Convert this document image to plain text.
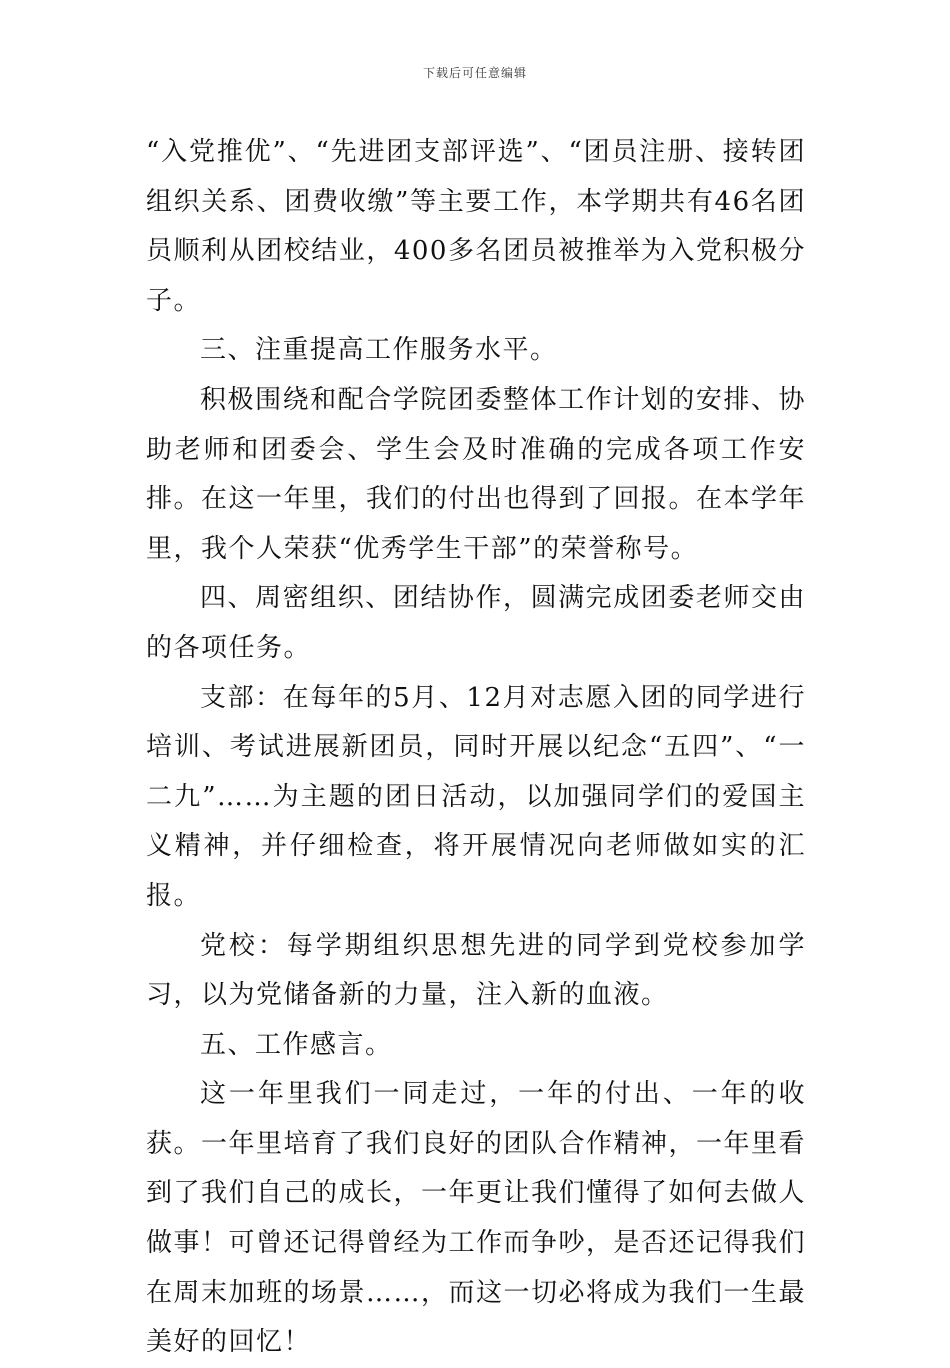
下载后可任意编辑

“入党推优”、“先进团支部评选”、“团员注册、接转团组织关系、团费收缴”等主要工作，本学期共有46名团员顺利从团校结业，400多名团员被推举为入党积极分子。

三、注重提高工作服务水平。

积极围绕和配合学院团委整体工作计划的安排、协助老师和团委会、学生会及时准确的完成各项工作安排。在这一年里，我们的付出也得到了回报。在本学年里，我个人荣获“优秀学生干部”的荣誉称号。

四、周密组织、团结协作，圆满完成团委老师交由的各项任务。

支部：在每年的5月、12月对志愿入团的同学进行培训、考试进展新团员，同时开展以纪念“五四”、“一二九”……为主题的团日活动，以加强同学们的爱国主义精神，并仔细检查，将开展情况向老师做如实的汇报。

党校：每学期组织思想先进的同学到党校参加学习，以为党储备新的力量，注入新的血液。

五、工作感言。

这一年里我们一同走过，一年的付出、一年的收获。一年里培育了我们良好的团队合作精神，一年里看到了我们自己的成长，一年更让我们懂得了如何去做人做事！可曾还记得曾经为工作而争吵，是否还记得我们在周末加班的场景……，而这一切必将成为我们一生最美好的回忆！
